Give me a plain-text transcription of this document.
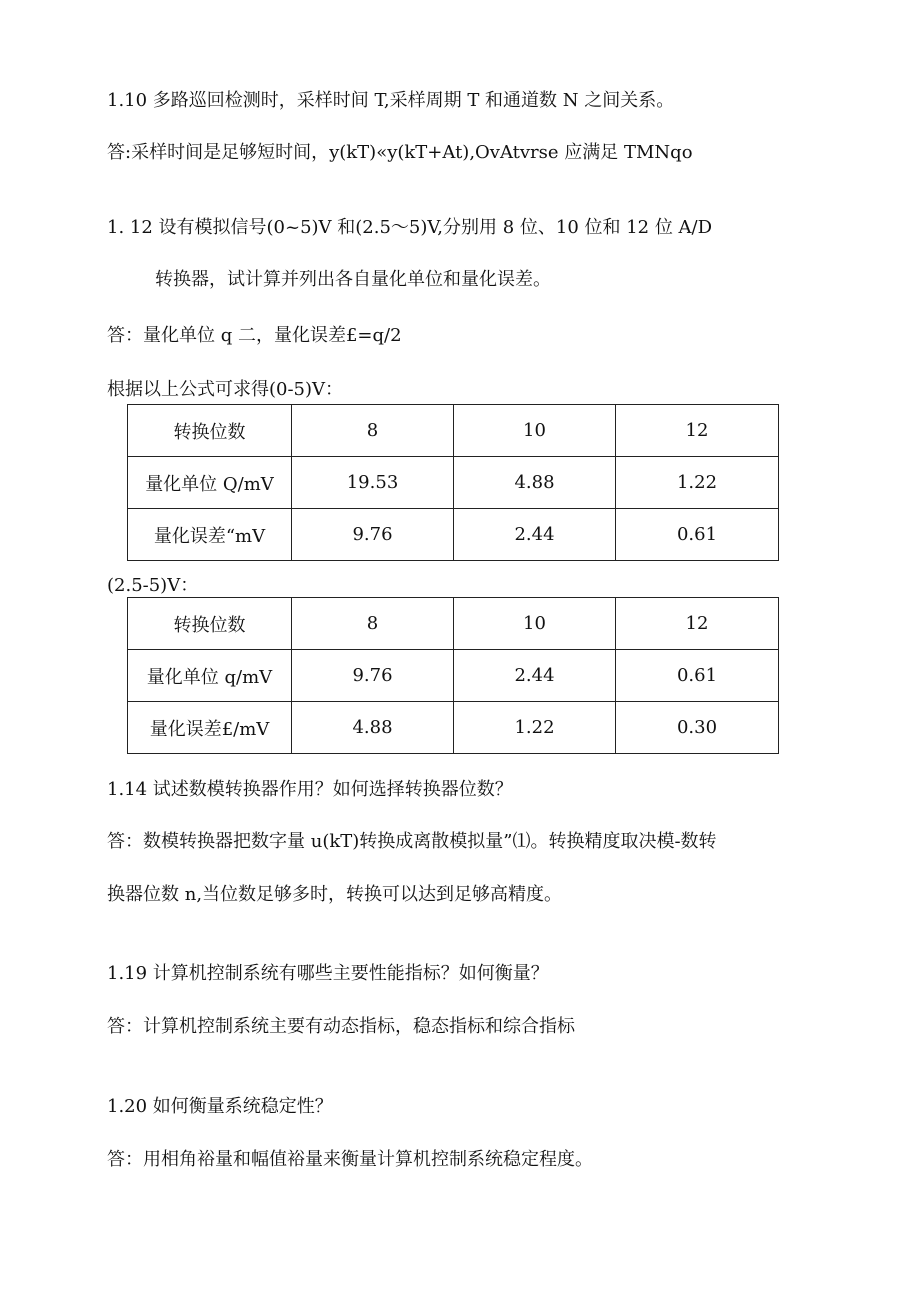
1.10 多路巡回检测时，采样时间 T,采样周期 T 和通道数 N 之间关系。
答:采样时间是足够短时间，y(kT)«y(kT+At),OvAtvrse 应满足 TMNqo
1. 12 设有模拟信号(0~5)V 和(2.5～5)V,分别用 8 位、10 位和 12 位 A/D
转换器，试计算并列出各自量化单位和量化误差。
答：量化单位 q 二，量化误差£=q/2
根据以上公式可求得(0-5)V：
转换位数	8	10	12
量化单位 Q/mV	19.53	4.88	1.22
量化误差“mV	9.76	2.44	0.61
(2.5-5)V：
转换位数	8	10	12
量化单位 q/mV	9.76	2.44	0.61
量化误差£/mV	4.88	1.22	0.30
1.14 试述数模转换器作用？如何选择转换器位数？
答：数模转换器把数字量 u(kT)转换成离散模拟量”⑴。转换精度取决模-数转
换器位数 n,当位数足够多时，转换可以达到足够高精度。
1.19 计算机控制系统有哪些主要性能指标？如何衡量？
答：计算机控制系统主要有动态指标，稳态指标和综合指标
1.20 如何衡量系统稳定性？
答：用相角裕量和幅值裕量来衡量计算机控制系统稳定程度。
